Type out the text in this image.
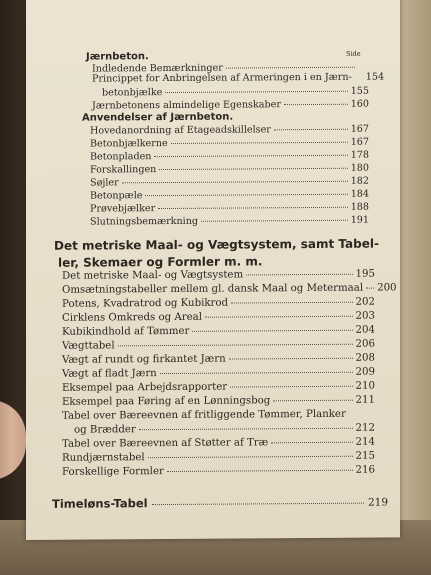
Jærnbeton.	Side
Indledende Bemærkninger
Princippet for Anbringelsen af Armeringen i en Jærn- 154
betonbjælke	155
Jærnbetonens almindelige Egenskaber	160
Anvendelser af Jærnbeton.
Hovedanordning af Etageadskillelser	167
Betonbjælkerne	167
Betonpladen	178
Forskallingen	180
Søjler	182
Betonpæle	184
Prøvebjælker	188
Slutningsbemærkning	191
Det metriske Maal- og Vægtsystem, samt Tabel-
ler, Skemaer og Formler m. m.
Det metriske Maal- og Vægtsystem	195
Omsætningstabeller mellem gl. dansk Maal og Metermaal 200
Potens, Kvadratrod og Kubikrod	202
Cirklens Omkreds og Areal	203
Kubikindhold af Tømmer	204
Vægttabel	206
Vægt af rundt og firkantet Jærn	208
Vægt af fladt Jærn	209
Eksempel paa Arbejdsrapporter	210
Eksempel paa Føring af en Lønningsbog	211
Tabel over Bæreevnen af fritliggende Tømmer, Planker
og Brædder	212
Tabel over Bæreevnen af Støtter af Træ	214
Rundjærnstabel	215
Forskellige Formler	216
Timeløns-Tabel	219
